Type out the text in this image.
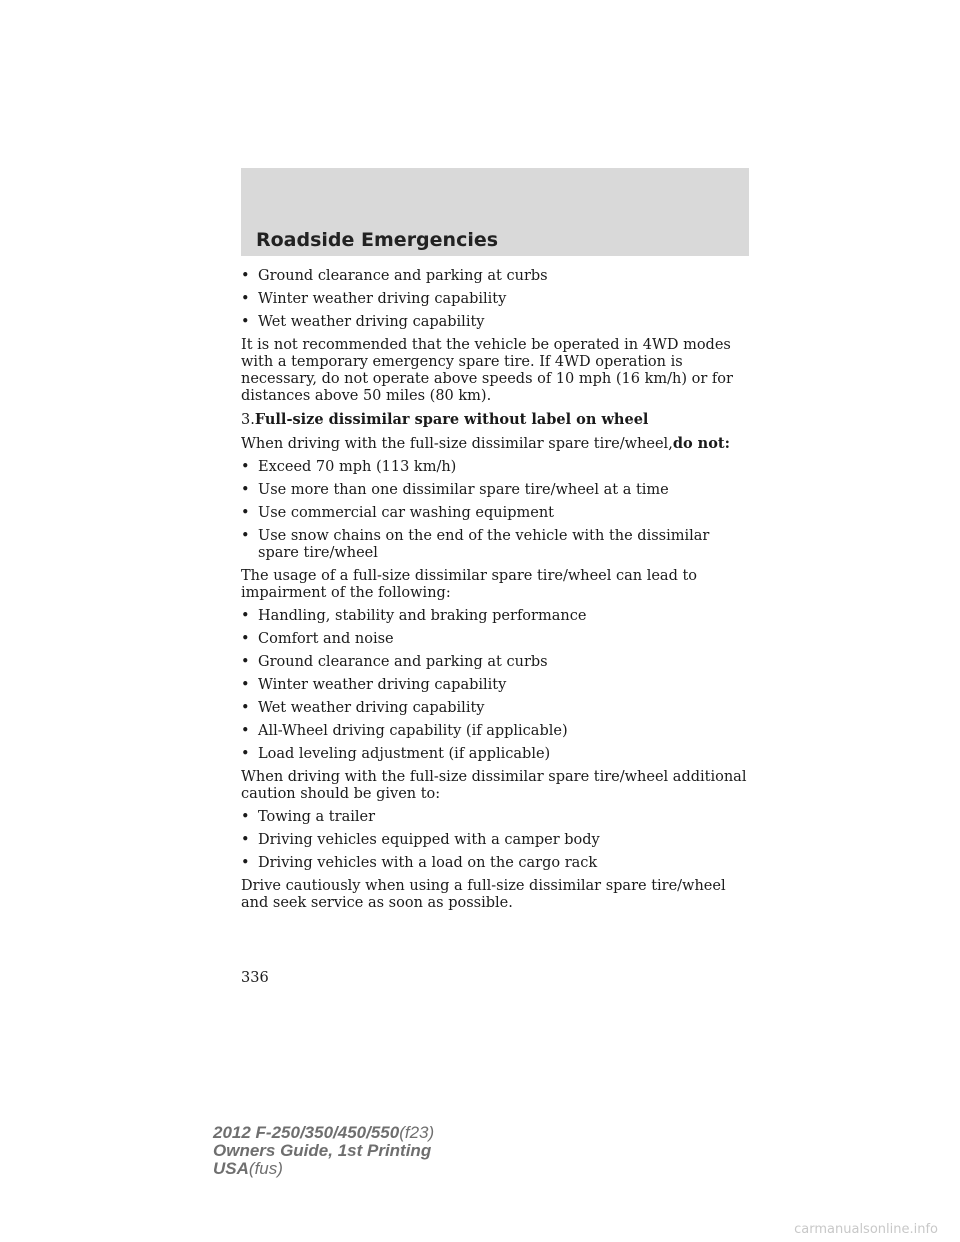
Roadside Emergencies
• Ground clearance and parking at curbs
• Winter weather driving capability
• Wet weather driving capability

It is not recommended that the vehicle be operated in 4WD modes with a temporary emergency spare tire. If 4WD operation is necessary, do not operate above speeds of 10 mph (16 km/h) or for distances above 50 miles (80 km).

3.Full-size dissimilar spare without label on wheel

When driving with the full-size dissimilar spare tire/wheel,do not:

• Exceed 70 mph (113 km/h)
• Use more than one dissimilar spare tire/wheel at a time
• Use commercial car washing equipment
• Use snow chains on the end of the vehicle with the dissimilar spare tire/wheel

The usage of a full-size dissimilar spare tire/wheel can lead to impairment of the following:

• Handling, stability and braking performance
• Comfort and noise
• Ground clearance and parking at curbs
• Winter weather driving capability
• Wet weather driving capability
• All-Wheel driving capability (if applicable)
• Load leveling adjustment (if applicable)

When driving with the full-size dissimilar spare tire/wheel additional caution should be given to:

• Towing a trailer
• Driving vehicles equipped with a camper body
• Driving vehicles with a load on the cargo rack

Drive cautiously when using a full-size dissimilar spare tire/wheel and seek service as soon as possible.

336
2012 F-250/350/450/550(f23)
Owners Guide, 1st Printing
USA(fus)
carmanualsonline.info
